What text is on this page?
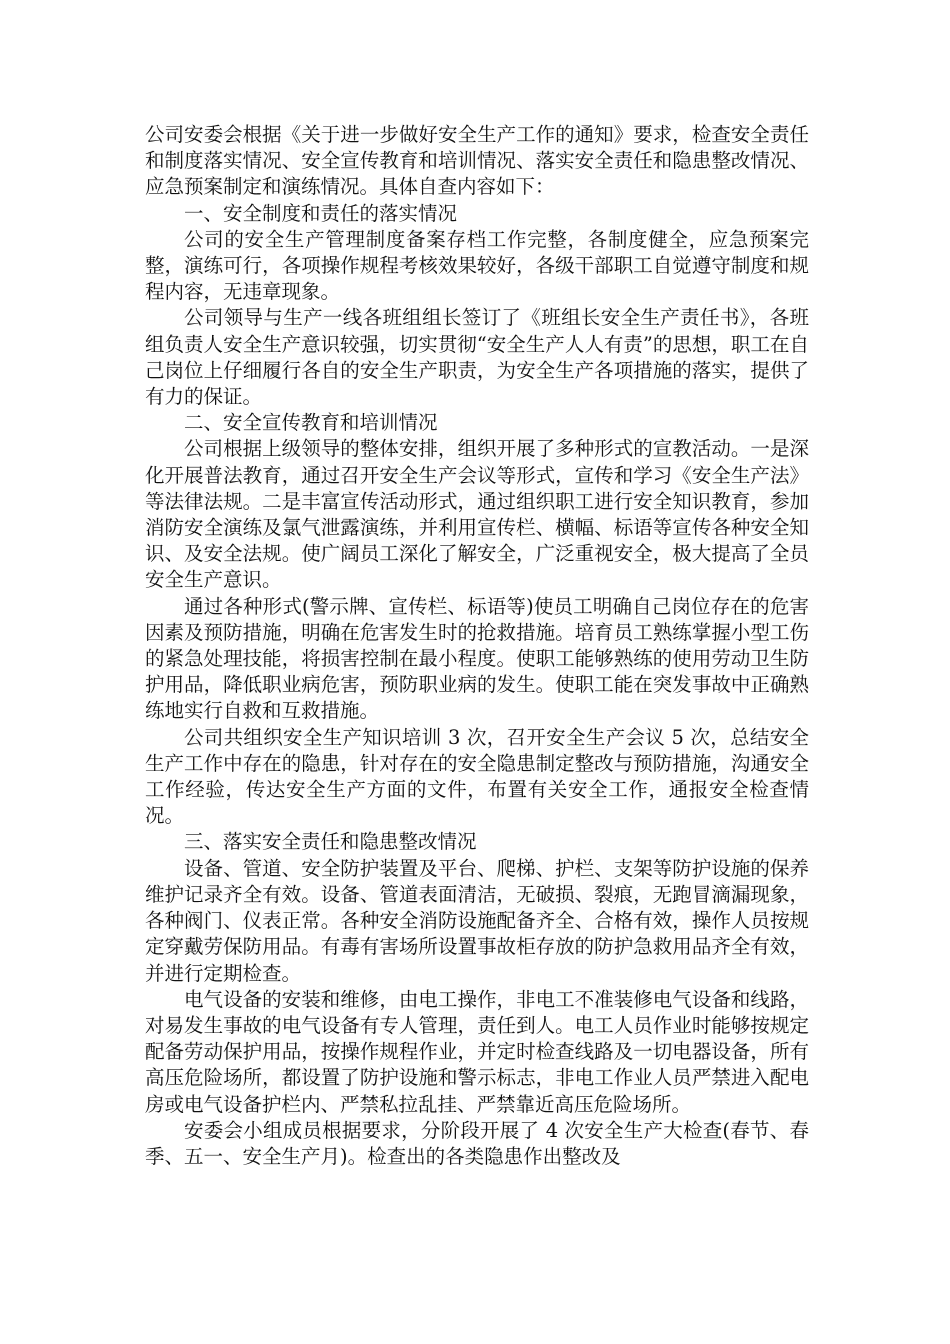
公司安委会根据《关于进一步做好安全生产工作的通知》要求，检查安全责任和制度落实情况、安全宣传教育和培训情况、落实安全责任和隐患整改情况、应急预案制定和演练情况。具体自查内容如下：

一、安全制度和责任的落实情况

公司的安全生产管理制度备案存档工作完整，各制度健全，应急预案完整，演练可行，各项操作规程考核效果较好，各级干部职工自觉遵守制度和规程内容，无违章现象。

公司领导与生产一线各班组组长签订了《班组长安全生产责任书》，各班组负责人安全生产意识较强，切实贯彻“安全生产人人有责”的思想，职工在自己岗位上仔细履行各自的安全生产职责，为安全生产各项措施的落实，提供了有力的保证。

二、安全宣传教育和培训情况

公司根据上级领导的整体安排，组织开展了多种形式的宣教活动。一是深化开展普法教育，通过召开安全生产会议等形式，宣传和学习《安全生产法》等法律法规。二是丰富宣传活动形式，通过组织职工进行安全知识教育，参加消防安全演练及氯气泄露演练，并利用宣传栏、横幅、标语等宣传各种安全知识、及安全法规。使广阔员工深化了解安全，广泛重视安全，极大提高了全员安全生产意识。

通过各种形式(警示牌、宣传栏、标语等)使员工明确自己岗位存在的危害因素及预防措施，明确在危害发生时的抢救措施。培育员工熟练掌握小型工伤的紧急处理技能，将损害控制在最小程度。使职工能够熟练的使用劳动卫生防护用品，降低职业病危害，预防职业病的发生。使职工能在突发事故中正确熟练地实行自救和互救措施。

公司共组织安全生产知识培训 3 次，召开安全生产会议 5 次，总结安全生产工作中存在的隐患，针对存在的安全隐患制定整改与预防措施，沟通安全工作经验，传达安全生产方面的文件，布置有关安全工作，通报安全检查情况。

三、落实安全责任和隐患整改情况

设备、管道、安全防护装置及平台、爬梯、护栏、支架等防护设施的保养维护记录齐全有效。设备、管道表面清洁，无破损、裂痕，无跑冒滴漏现象，各种阀门、仪表正常。各种安全消防设施配备齐全、合格有效，操作人员按规定穿戴劳保防用品。有毒有害场所设置事故柜存放的防护急救用品齐全有效，并进行定期检查。

电气设备的安装和维修，由电工操作，非电工不准装修电气设备和线路，对易发生事故的电气设备有专人管理，责任到人。电工人员作业时能够按规定配备劳动保护用品，按操作规程作业，并定时检查线路及一切电器设备，所有高压危险场所，都设置了防护设施和警示标志，非电工作业人员严禁进入配电房或电气设备护栏内、严禁私拉乱挂、严禁靠近高压危险场所。

安委会小组成员根据要求，分阶段开展了 4 次安全生产大检查(春节、春季、五一、安全生产月)。检查出的各类隐患作出整改及
